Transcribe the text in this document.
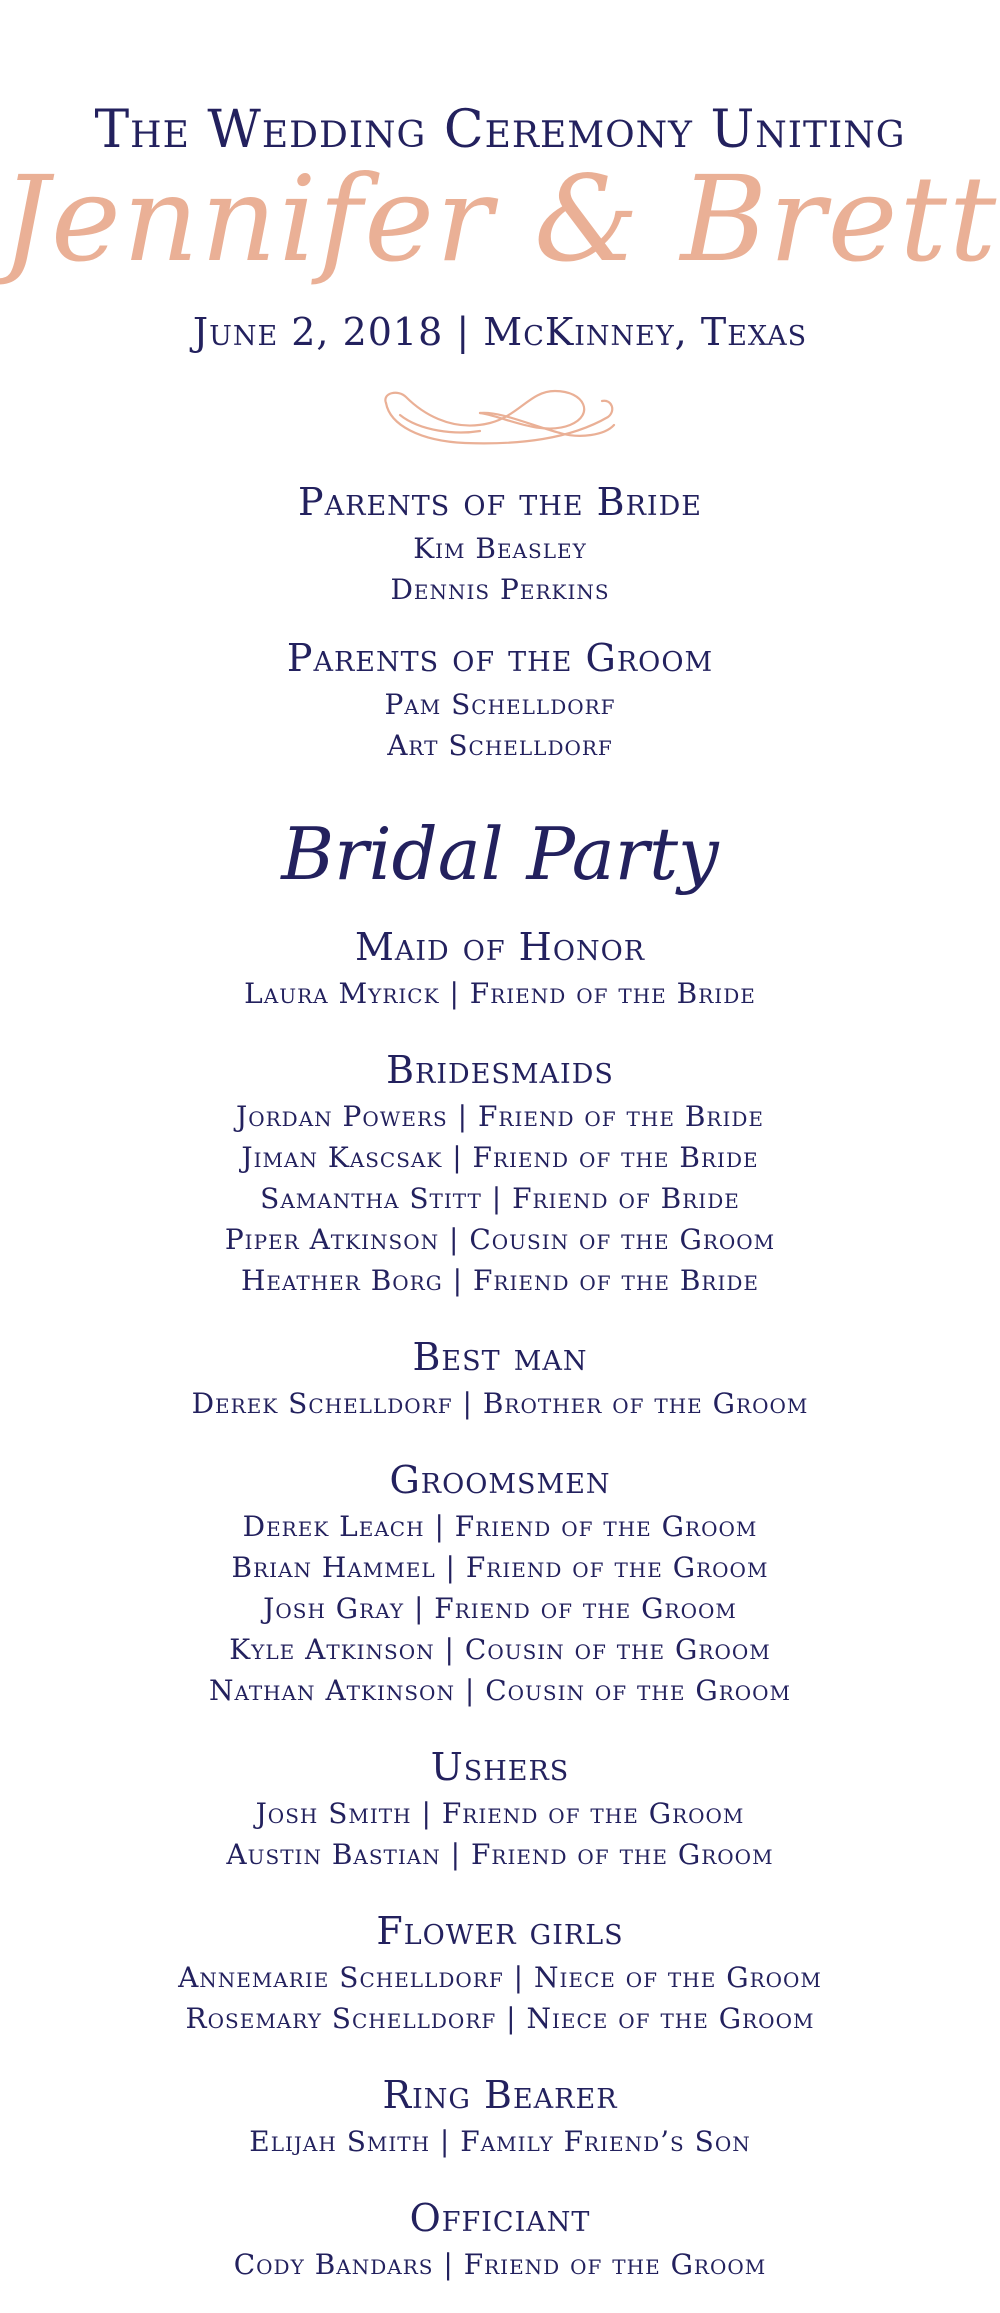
The Wedding Ceremony Uniting
Jennifer & Brett
June 2, 2018 | McKinney, Texas
Parents of the Bride
Kim Beasley
Dennis Perkins
Parents of the Groom
Pam Schelldorf
Art Schelldorf
Bridal Party
Maid of Honor
Laura Myrick | Friend of the Bride
Bridesmaids
Jordan Powers | Friend of the Bride
Jiman Kascsak | Friend of the Bride
Samantha Stitt | Friend of Bride
Piper Atkinson | Cousin of the Groom
Heather Borg | Friend of the Bride
Best man
Derek Schelldorf | Brother of the Groom
Groomsmen
Derek Leach | Friend of the Groom
Brian Hammel | Friend of the Groom
Josh Gray | Friend of the Groom
Kyle Atkinson | Cousin of the Groom
Nathan Atkinson | Cousin of the Groom
Ushers
Josh Smith | Friend of the Groom
Austin Bastian | Friend of the Groom
Flower girls
Annemarie Schelldorf | Niece of the Groom
Rosemary Schelldorf | Niece of the Groom
Ring Bearer
Elijah Smith | Family Friend’s Son
Officiant
Cody Bandars | Friend of the Groom
